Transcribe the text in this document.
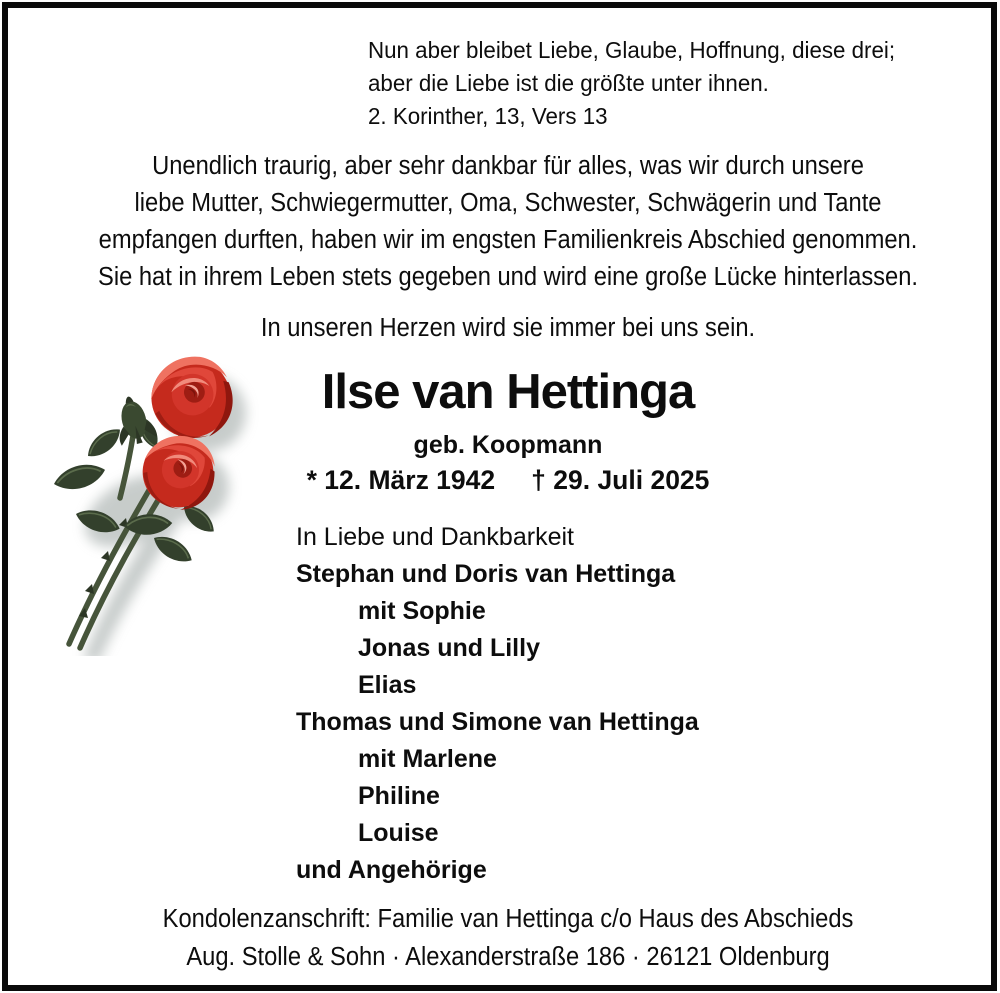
Nun aber bleibet Liebe, Glaube, Hoffnung, diese drei;
aber die Liebe ist die größte unter ihnen.
2. Korinther, 13, Vers 13
Unendlich traurig, aber sehr dankbar für alles, was wir durch unsere
liebe Mutter, Schwiegermutter, Oma, Schwester, Schwägerin und Tante
empfangen durften, haben wir im engsten Familienkreis Abschied genommen.
Sie hat in ihrem Leben stets gegeben und wird eine große Lücke hinterlassen.
In unseren Herzen wird sie immer bei uns sein.
Ilse van Hettinga
geb. Koopmann
* 12. März 1942 † 29. Juli 2025
In Liebe und Dankbarkeit
Stephan und Doris van Hettinga
mit Sophie
Jonas und Lilly
Elias
Thomas und Simone van Hettinga
mit Marlene
Philine
Louise
und Angehörige
Kondolenzanschrift: Familie van Hettinga c/o Haus des Abschieds
Aug. Stolle & Sohn · Alexanderstraße 186 · 26121 Oldenburg
